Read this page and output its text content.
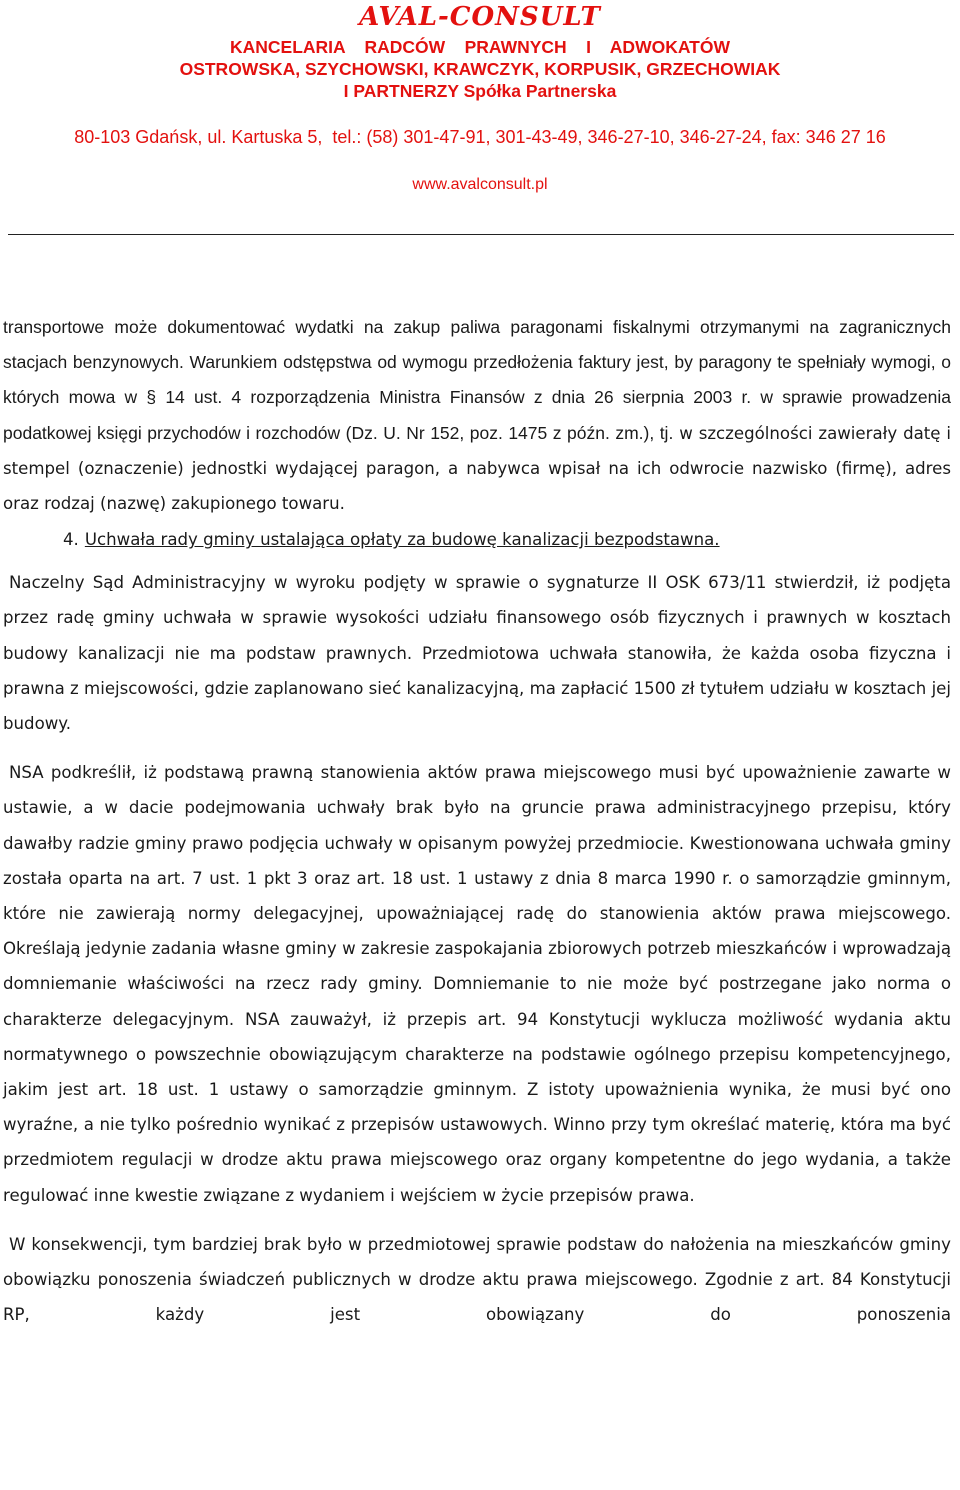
AVAL-CONSULT
KANCELARIA    RADCÓW    PRAWNYCH    I    ADWOKATÓW
OSTROWSKA, SZYCHOWSKI, KRAWCZYK, KORPUSIK, GRZECHOWIAK
I PARTNERZY Spółka Partnerska
80-103 Gdańsk, ul. Kartuska 5,  tel.: (58) 301-47-91, 301-43-49, 346-27-10, 346-27-24, fax: 346 27 16
www.avalconsult.pl

transportowe może dokumentować wydatki na zakup paliwa paragonami fiskalnymi otrzymanymi na zagranicznych stacjach benzynowych. Warunkiem odstępstwa od wymogu przedłożenia faktury jest, by paragony te spełniały wymogi, o których mowa w § 14 ust. 4 rozporządzenia Ministra Finansów z dnia 26 sierpnia 2003 r. w sprawie prowadzenia podatkowej księgi przychodów i rozchodów (Dz. U. Nr 152, poz. 1475 z późn. zm.), tj. w szczególności zawierały datę i stempel (oznaczenie) jednostki wydającej paragon, a nabywca wpisał na ich odwrocie nazwisko (firmę), adres oraz rodzaj (nazwę) zakupionego towaru.

4. Uchwała rady gminy ustalająca opłaty za budowę kanalizacji bezpodstawna.

Naczelny Sąd Administracyjny w wyroku podjęty w sprawie o sygnaturze II OSK 673/11 stwierdził, iż podjęta przez radę gminy uchwała w sprawie wysokości udziału finansowego osób fizycznych i prawnych w kosztach budowy kanalizacji nie ma podstaw prawnych. Przedmiotowa uchwała stanowiła, że każda osoba fizyczna i prawna z miejscowości, gdzie zaplanowano sieć kanalizacyjną, ma zapłacić 1500 zł tytułem udziału w kosztach jej budowy.

NSA podkreślił, iż podstawą prawną stanowienia aktów prawa miejscowego musi być upoważnienie zawarte w ustawie, a w dacie podejmowania uchwały brak było na gruncie prawa administracyjnego przepisu, który dawałby radzie gminy prawo podjęcia uchwały w opisanym powyżej przedmiocie. Kwestionowana uchwała gminy została oparta na art. 7 ust. 1 pkt 3 oraz art. 18 ust. 1 ustawy z dnia 8 marca 1990 r. o samorządzie gminnym, które nie zawierają normy delegacyjnej, upoważniającej radę do stanowienia aktów prawa miejscowego. Określają jedynie zadania własne gminy w zakresie zaspokajania zbiorowych potrzeb mieszkańców i wprowadzają domniemanie właściwości na rzecz rady gminy. Domniemanie to nie może być postrzegane jako norma o charakterze delegacyjnym. NSA zauważył, iż przepis art. 94 Konstytucji wyklucza możliwość wydania aktu normatywnego o powszechnie obowiązującym charakterze na podstawie ogólnego przepisu kompetencyjnego, jakim jest art. 18 ust. 1 ustawy o samorządzie gminnym. Z istoty upoważnienia wynika, że musi być ono wyraźne, a nie tylko pośrednio wynikać z przepisów ustawowych. Winno przy tym określać materię, która ma być przedmiotem regulacji w drodze aktu prawa miejscowego oraz organy kompetentne do jego wydania, a także regulować inne kwestie związane z wydaniem i wejściem w życie przepisów prawa.

W konsekwencji, tym bardziej brak było w przedmiotowej sprawie podstaw do nałożenia na mieszkańców gminy obowiązku ponoszenia świadczeń publicznych w drodze aktu prawa miejscowego. Zgodnie z art. 84 Konstytucji RP, każdy jest obowiązany do ponoszenia
